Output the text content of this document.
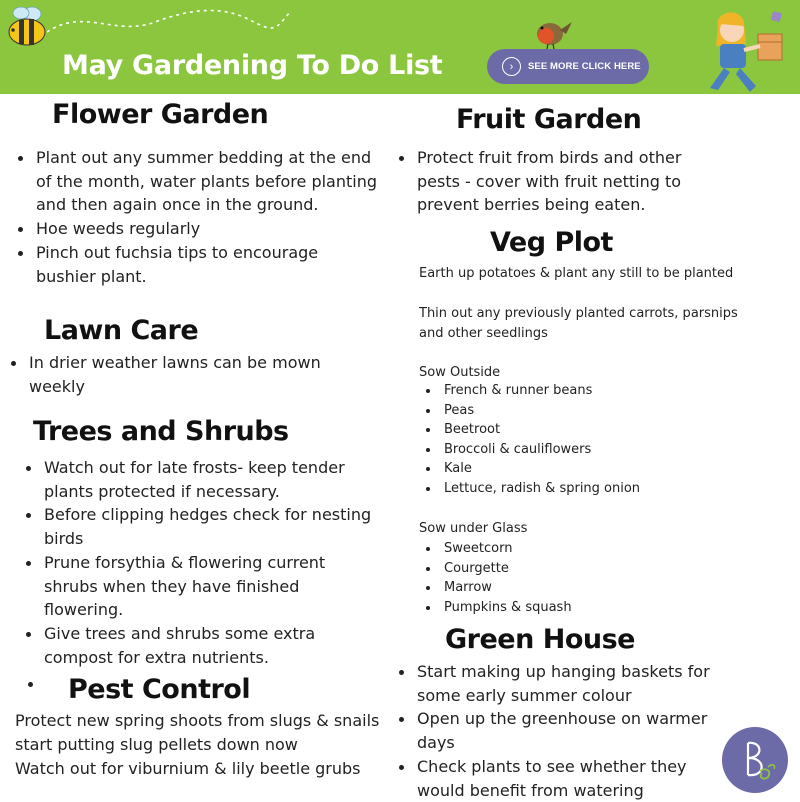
May Gardening To Do List	›	SEE MORE CLICK HERE
Flower Garden
Plant out any summer bedding at the end of the month, water plants before planting and then again once in the ground.
Hoe weeds regularly
Pinch out fuchsia tips to encourage bushier plant.
Lawn Care
In drier weather lawns can be mown weekly
Trees and Shrubs
Watch out for late frosts- keep tender plants protected if necessary.
Before clipping hedges check for nesting birds
Prune forsythia & flowering current shrubs when they have finished flowering.
Give trees and shrubs some extra compost for extra nutrients.
Pest Control

Protect new spring shoots from slugs & snails start putting slug pellets down now

Watch out for viburnium & lily beetle grubs

Fruit Garden
Protect fruit from birds and other pests - cover with fruit netting to prevent berries being eaten.
Veg Plot

Earth up potatoes & plant any still to be planted

Thin out any previously planted carrots, parsnips and other seedlings

Sow Outside

French & runner beans
Peas
Beetroot
Broccoli & cauliflowers
Kale
Lettuce, radish & spring onion

Sow under Glass

Sweetcorn
Courgette
Marrow
Pumpkins & squash
Green House
Start making up hanging baskets for some early summer colour
Open up the greenhouse on warmer days
Check plants to see whether they would benefit from watering
